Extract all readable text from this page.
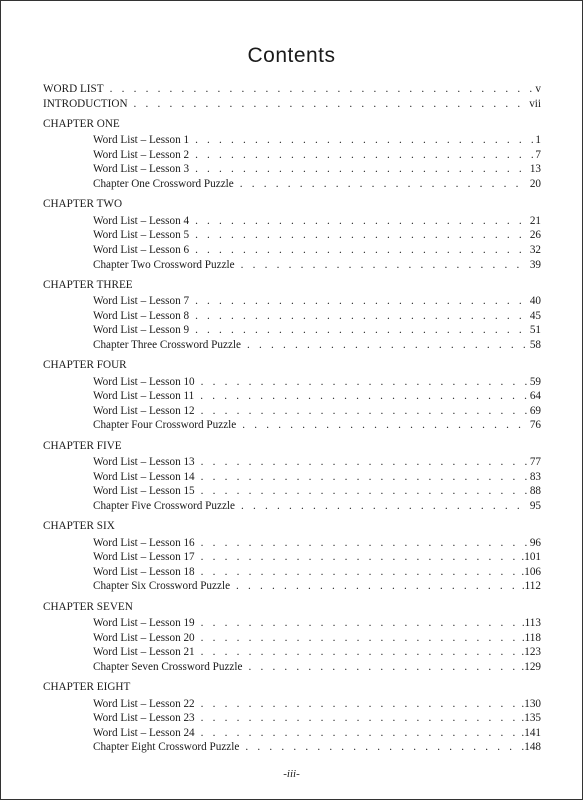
Contents
WORD LIST . . .	v
INTRODUCTION . . .	vii
CHAPTER ONE
Word List – Lesson 1 . . .	1
Word List – Lesson 2 . . .	7
Word List – Lesson 3 . . .	13
Chapter One Crossword Puzzle . . .	20
CHAPTER TWO
Word List – Lesson 4 . . .	21
Word List – Lesson 5 . . .	26
Word List – Lesson 6 . . .	32
Chapter Two Crossword Puzzle . . .	39
CHAPTER THREE
Word List – Lesson 7 . . .	40
Word List – Lesson 8 . . .	45
Word List – Lesson 9 . . .	51
Chapter Three Crossword Puzzle . . .	58
CHAPTER FOUR
Word List – Lesson 10 . . .	59
Word List – Lesson 11 . . .	64
Word List – Lesson 12 . . .	69
Chapter Four Crossword Puzzle . . .	76
CHAPTER FIVE
Word List – Lesson 13 . . .	77
Word List – Lesson 14 . . .	83
Word List – Lesson 15 . . .	88
Chapter Five Crossword Puzzle . . .	95
CHAPTER SIX
Word List – Lesson 16 . . .	96
Word List – Lesson 17 . . .	.101
Word List – Lesson 18 . . .	.106
Chapter Six Crossword Puzzle . . .	.112
CHAPTER SEVEN
Word List – Lesson 19 . . .	.113
Word List – Lesson 20 . . .	.118
Word List – Lesson 21 . . .	.123
Chapter Seven Crossword Puzzle . . .	.129
CHAPTER EIGHT
Word List – Lesson 22 . . .	.130
Word List – Lesson 23 . . .	.135
Word List – Lesson 24 . . .	.141
Chapter Eight Crossword Puzzle . . .	.148
-iii-
